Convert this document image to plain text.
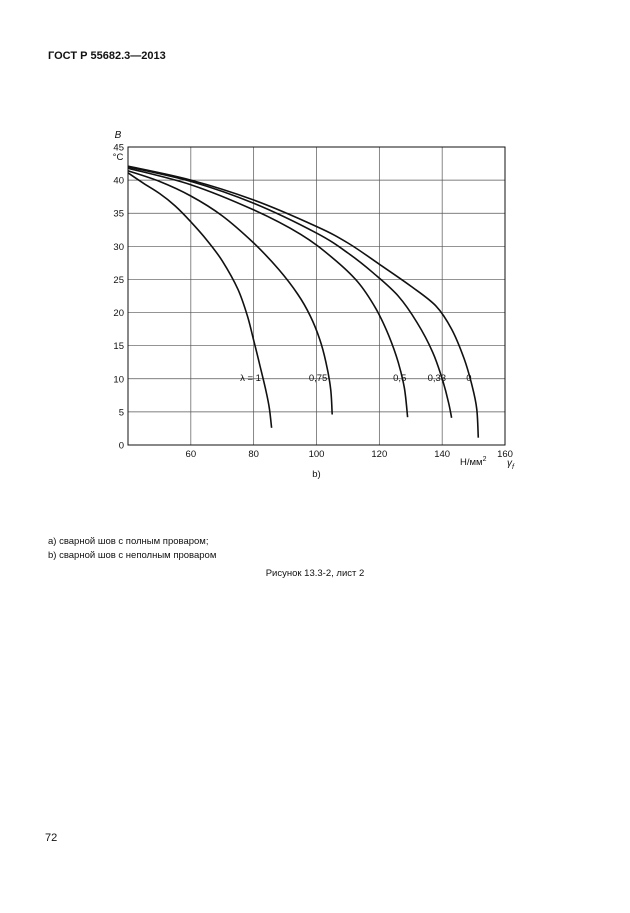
ГОСТ Р 55682.3—2013
60	80	100	120	140	160
0
5
10
15
20
25
30
35
40
45
λ = 1	0,75	0,5 0,33 0
B
°C
$Н/мм^2$ $\gamma_f$
b)
а) сварной шов с полным проваром;
b) сварной шов с неполным проваром
Рисунок 13.3-2, лист 2
72
